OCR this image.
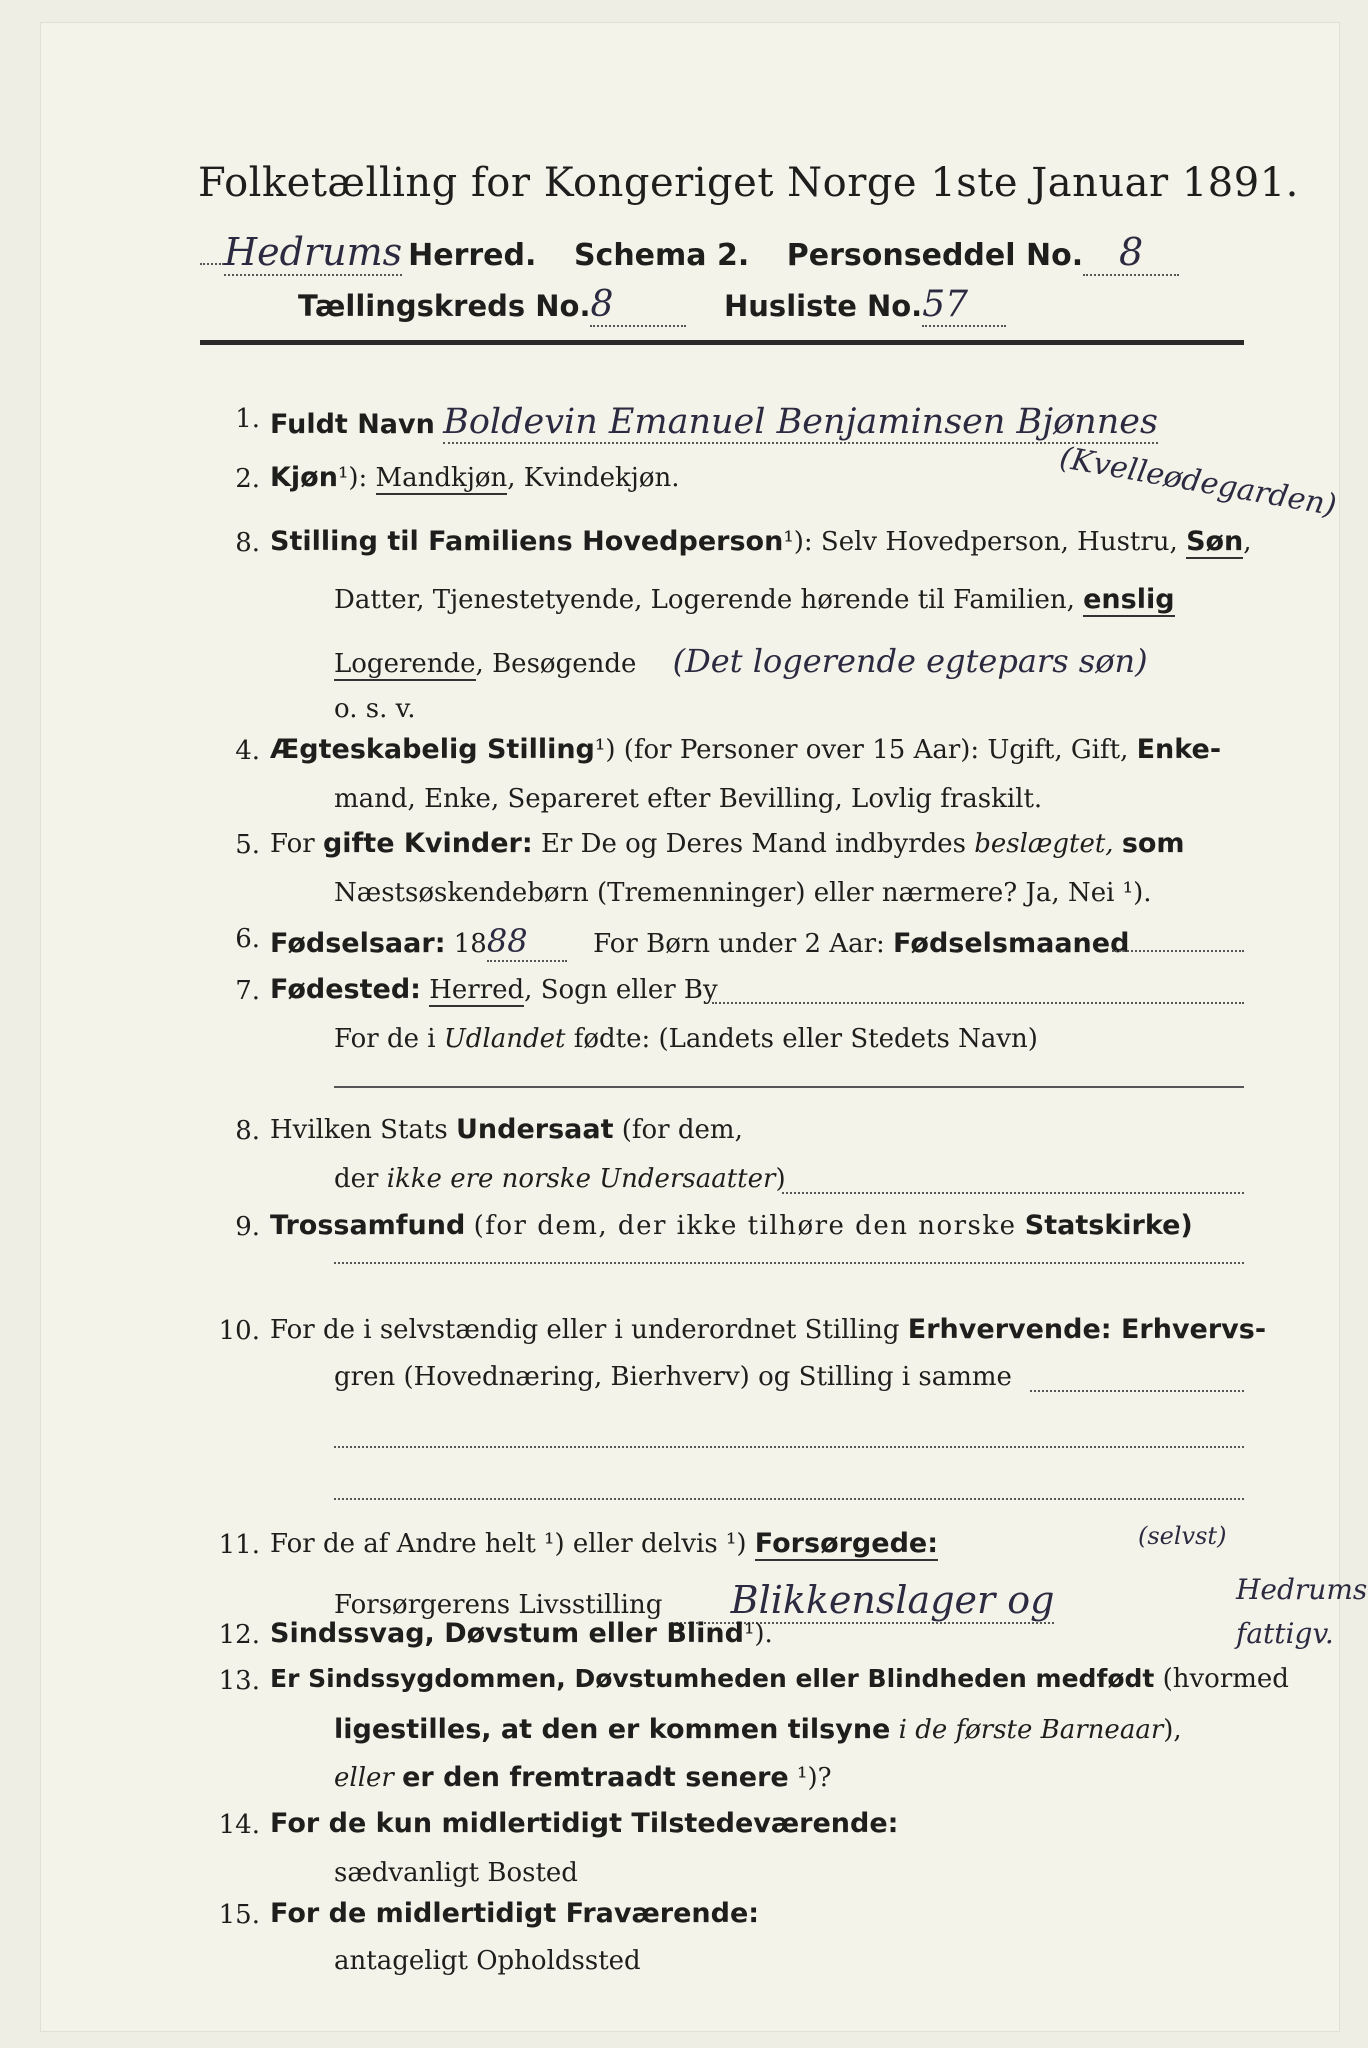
Folketælling for Kongeriget Norge 1ste Januar 1891.
Hedrums Herred. Schema 2. Personseddel No. 8
Tællingskreds No.8	Husliste No.57
1. Fuldt Navn Boldevin Emanuel Benjaminsen Bjønnes
(Kvelleødegarden)
2. Kjøn¹): Mandkjøn, Kvindekjøn.
8. Stilling til Familiens Hovedperson¹): Selv Hovedperson, Hustru, Søn,
Datter, Tjenestetyende, Logerende hørende til Familien, enslig
Logerende, Besøgende (Det logerende egtepars søn)
o. s. v.
4. Ægteskabelig Stilling¹) (for Personer over 15 Aar): Ugift, Gift, Enke-
mand, Enke, Separeret efter Bevilling, Lovlig fraskilt.
5. For gifte Kvinder: Er De og Deres Mand indbyrdes beslægtet, som
Næstsøskendebørn (Tremenninger) eller nærmere? Ja, Nei ¹).
6. Fødselsaar: 1888	For Børn under 2 Aar: Fødselsmaaned
7. Fødested: Herred, Sogn eller By
For de i Udlandet fødte: (Landets eller Stedets Navn)
8. Hvilken Stats Undersaat (for dem,
der ikke ere norske Undersaatter)
9. Trossamfund (for dem, der ikke tilhøre den norske Statskirke)
10. For de i selvstændig eller i underordnet Stilling Erhvervende: Erhvervs-
gren (Hovednæring, Bierhverv) og Stilling i samme
11. For de af Andre helt ¹) eller delvis ¹) Forsørgede:
Forsørgerens Livsstilling Blikkenslager og
(selvst)
Hedrums fattigv.
12. Sindssvag, Døvstum eller Blind¹).
13. Er Sindssygdommen, Døvstumheden eller Blindheden medfødt (hvormed
ligestilles, at den er kommen tilsyne i de første Barneaar),
eller er den fremtraadt senere ¹)?
14. For de kun midlertidigt Tilstedeværende:
sædvanligt Bosted
15. For de midlertidigt Fraværende:
antageligt Opholdssted
